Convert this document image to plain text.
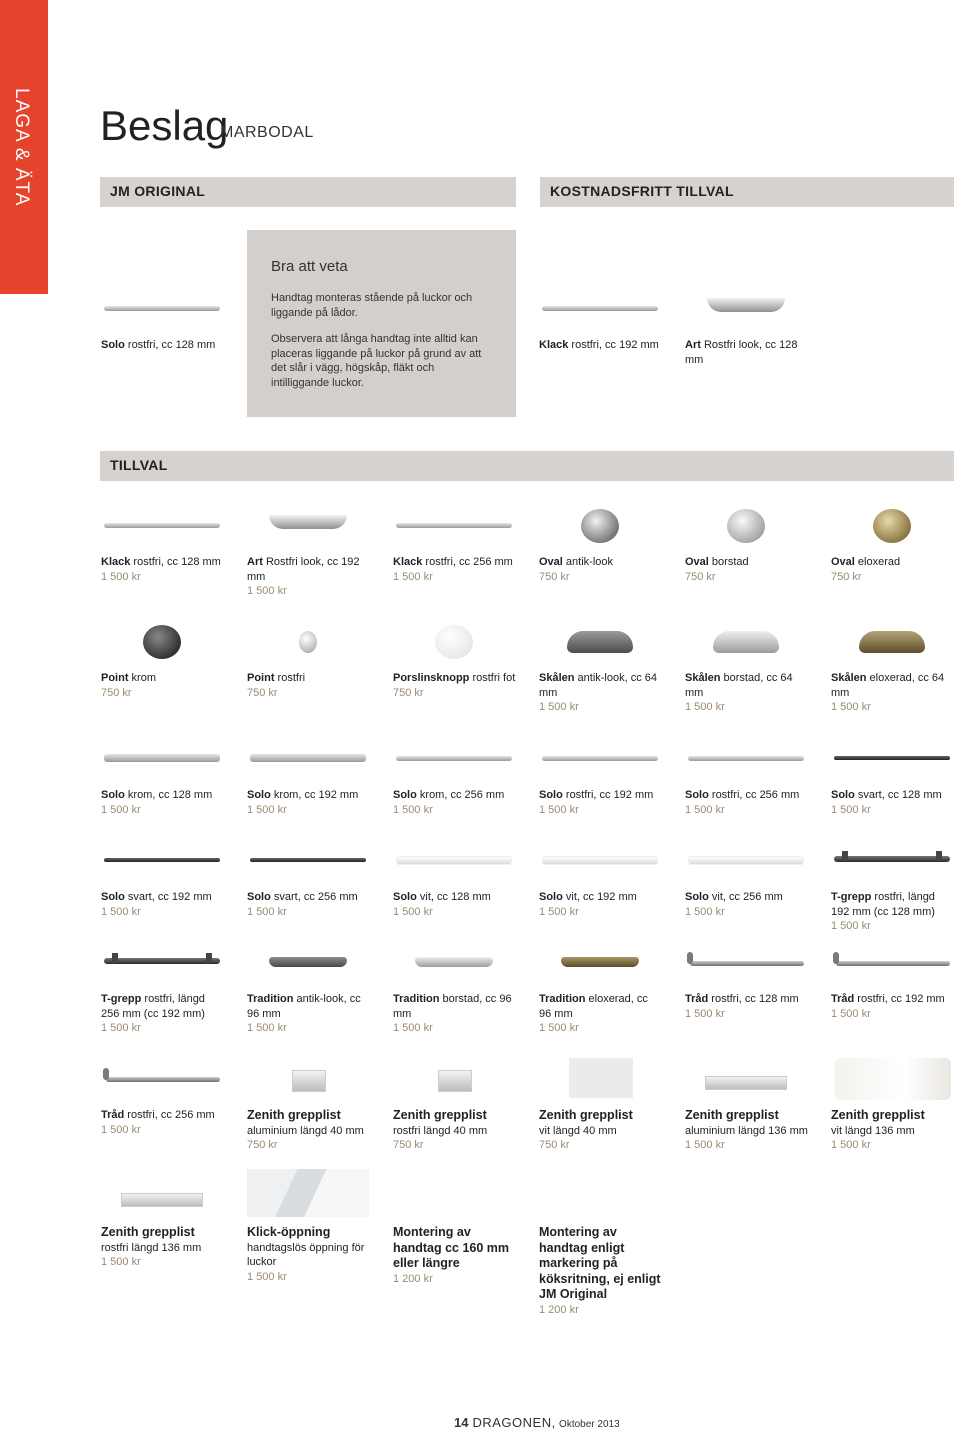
LAGA & ÄTA Beslag
MARBODAL
JM ORIGINAL	KOSTNADSFRITT TILLVAL
TILLVAL
Bra att veta
Handtag monteras stående på luckor och liggande på lådor.
Observera att långa handtag inte alltid kan placeras liggande på luckor på grund av att det slår i vägg, högskåp, fläkt och intilliggande luckor.
Solo rostfri, cc 128 mm	Klack rostfri, cc 192 mm	Art Rostfri look, cc 128 mm
Klack rostfri, cc 128 mm
1 500 kr
Art Rostfri look, cc 192 mm
1 500 kr
Klack rostfri, cc 256 mm
1 500 kr
Oval antik-look
750 kr
Oval borstad
750 kr
Oval eloxerad
750 kr
Point krom
750 kr
Point rostfri
750 kr
Porslinsknopp rostfri fot
750 kr
Skålen antik-look, cc 64 mm
1 500 kr
Skålen borstad, cc 64 mm
1 500 kr
Skålen eloxerad, cc 64 mm
1 500 kr
Solo krom, cc 128 mm
1 500 kr
Solo krom, cc 192 mm
1 500 kr
Solo krom, cc 256 mm
1 500 kr
Solo rostfri, cc 192 mm
1 500 kr
Solo rostfri, cc 256 mm
1 500 kr
Solo svart, cc 128 mm
1 500 kr
Solo svart, cc 192 mm
1 500 kr
Solo svart, cc 256 mm
1 500 kr
Solo vit, cc 128 mm
1 500 kr
Solo vit, cc 192 mm
1 500 kr
Solo vit, cc 256 mm
1 500 kr
T-grepp rostfri, längd 192 mm (cc 128 mm)
1 500 kr
T-grepp rostfri, längd 256 mm (cc 192 mm)
1 500 kr
Tradition antik-look, cc 96 mm
1 500 kr
Tradition borstad, cc 96 mm
1 500 kr
Tradition eloxerad, cc 96 mm
1 500 kr
Tråd rostfri, cc 128 mm
1 500 kr
Tråd rostfri, cc 192 mm
1 500 kr
Tråd rostfri, cc 256 mm
1 500 kr
Zenith grepplist
aluminium längd 40 mm
750 kr
Zenith grepplist
rostfri längd 40 mm
750 kr
Zenith grepplist
vit längd 40 mm
750 kr
Zenith grepplist
aluminium längd 136 mm
1 500 kr
Zenith grepplist
vit längd 136 mm
1 500 kr
Zenith grepplist
rostfri längd 136 mm
1 500 kr
Klick-öppning
handtagslös öppning för luckor
1 500 kr
Montering av handtag cc 160 mm eller längre

1 200 kr
Montering av handtag enligt markering på köksritning, ej enligt JM Original

1 200 kr
14 DRAGONEN, Oktober 2013
